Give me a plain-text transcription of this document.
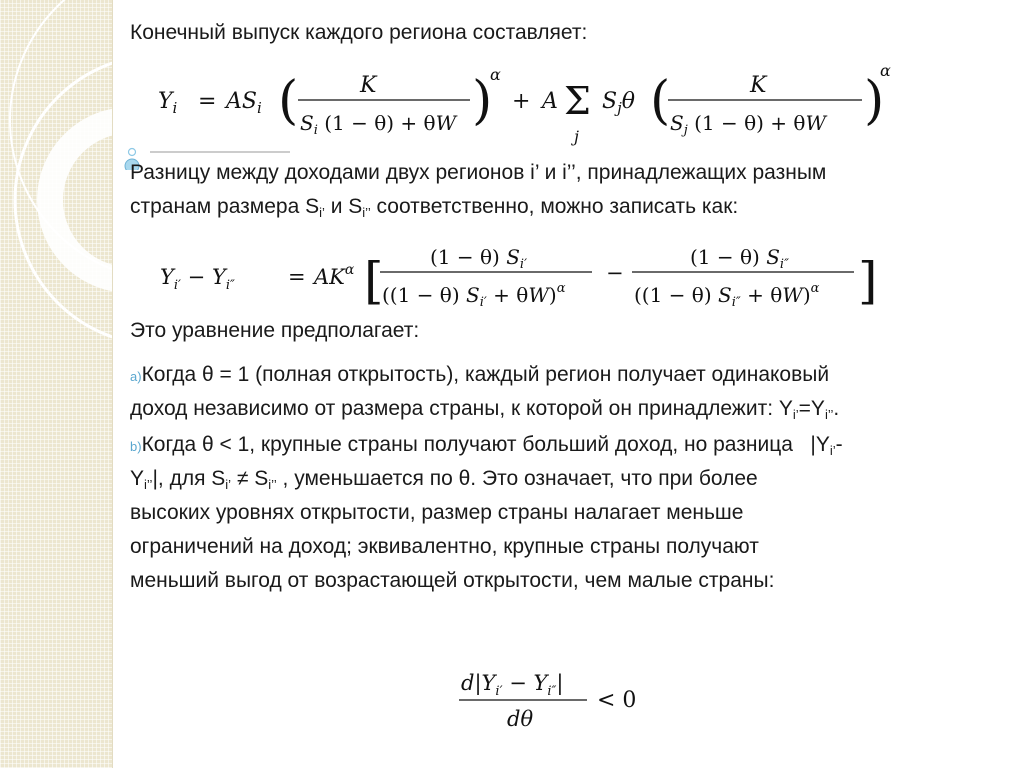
Конечный выпуск каждого региона составляет:
$Y_i = AS_i$ (	K
$S_i$ (1 − θ) + θW )
α
+ A Σ
j
$S_j\theta$ (	K
$S_j$ (1 − θ) + θW )
α
Разницу между доходами двух регионов i’ и i’’, принадлежащих разным
странам размера $S_{i’}$ и $S_{i’’}$ соответственно, можно записать как:
$Y_{i'} - Y_{i''}$	= $AK^\alpha$ [ (1 − θ) $S_{i'}$
((1 − θ) $S_{i'} + \theta W)^\alpha$
−
(1 − θ) $S_{i''}$
((1 − θ) $S_{i''} + \theta W)^\alpha$ ]
Это уравнение предполагает:
a)Когда θ = 1 (полная открытость), каждый регион получает одинаковый
доход независимо от размера страны, к которой он принадлежит: $Y_{i’}=Y_{i’’}$.
b)Когда θ < 1, крупные страны получают больший доход, но разница   $|Y_{i’}-$
$Y_{i’’}|$, для $S_{i’} \ne S_{i’’}$ , уменьшается по θ. Это означает, что при более
высоких уровнях открытости, размер страны налагает меньше
ограничений на доход; эквивалентно, крупные страны получают
меньший выгод от возрастающей открытости, чем малые страны:
$d|Y_{i'} - Y_{i''}|$
dθ
< 0
